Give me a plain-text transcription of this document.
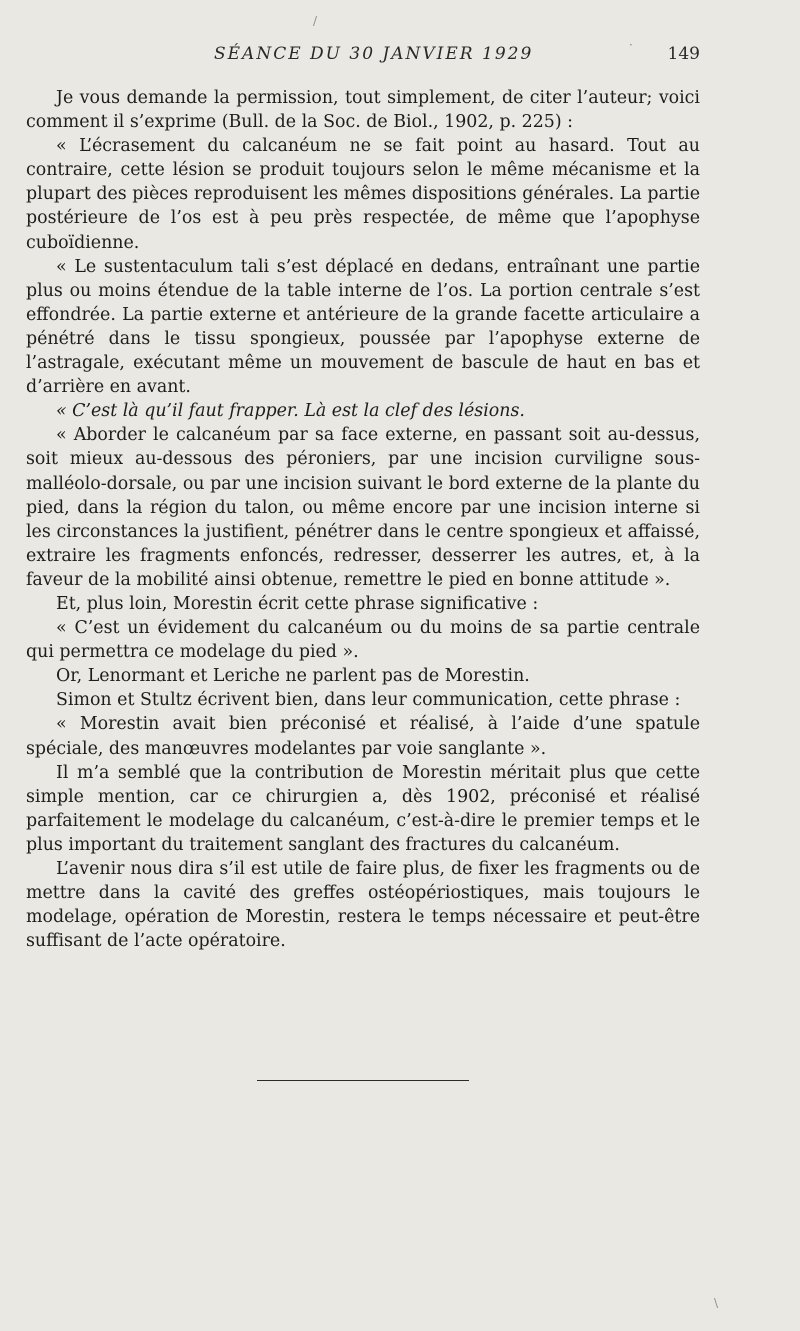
SÉANCE DU 30 JANVIER 1929	149

Je vous demande la permission, tout simplement, de citer l’auteur; voici comment il s’exprime (Bull. de la Soc. de Biol., 1902, p. 225) :

« L’écrasement du calcanéum ne se fait point au hasard. Tout au contraire, cette lésion se produit toujours selon le même mécanisme et la plupart des pièces reproduisent les mêmes dispositions générales. La partie postérieure de l’os est à peu près respectée, de même que l’apophyse cuboïdienne.

« Le sustentaculum tali s’est déplacé en dedans, entraînant une partie plus ou moins étendue de la table interne de l’os. La portion centrale s’est effondrée. La partie externe et antérieure de la grande facette articulaire a pénétré dans le tissu spongieux, poussée par l’apophyse externe de l’astragale, exécutant même un mouvement de bascule de haut en bas et d’arrière en avant.

« C’est là qu’il faut frapper. Là est la clef des lésions.

« Aborder le calcanéum par sa face externe, en passant soit au-dessus, soit mieux au-dessous des péroniers, par une incision curviligne sous-malléolo-dorsale, ou par une incision suivant le bord externe de la plante du pied, dans la région du talon, ou même encore par une incision interne si les circonstances la justifient, pénétrer dans le centre spongieux et affaissé, extraire les fragments enfoncés, redresser, desserrer les autres, et, à la faveur de la mobilité ainsi obtenue, remettre le pied en bonne attitude ».

Et, plus loin, Morestin écrit cette phrase significative :

« C’est un évidement du calcanéum ou du moins de sa partie centrale qui permettra ce modelage du pied ».

Or, Lenormant et Leriche ne parlent pas de Morestin.

Simon et Stultz écrivent bien, dans leur communication, cette phrase :

« Morestin avait bien préconisé et réalisé, à l’aide d’une spatule spéciale, des manœuvres modelantes par voie sanglante ».

Il m’a semblé que la contribution de Morestin méritait plus que cette simple mention, car ce chirurgien a, dès 1902, préconisé et réalisé parfaitement le modelage du calcanéum, c’est-à-dire le premier temps et le plus important du traitement sanglant des fractures du calcanéum.

L’avenir nous dira s’il est utile de faire plus, de fixer les fragments ou de mettre dans la cavité des greffes ostéopériostiques, mais toujours le modelage, opération de Morestin, restera le temps nécessaire et peut-être suffisant de l’acte opératoire.

/
·
\
